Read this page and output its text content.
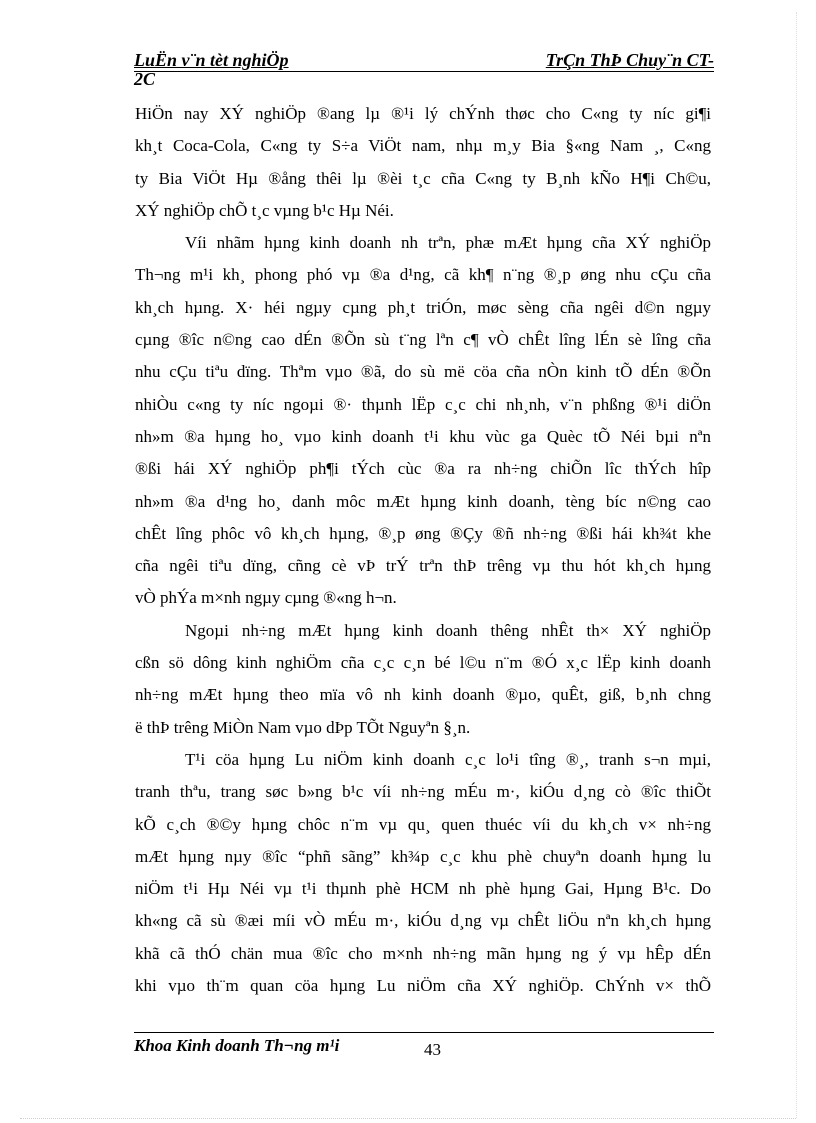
LuËn v¨n tèt nghiÖp	TrÇn ThÞ Chuy¨n CT-
2C
HiÖn nay XÝ nghiÖp ®ang lµ ®¹i lý chÝnh thøc cho C«ng ty níc gi¶i
kh¸t Coca-Cola, C«ng ty S÷a ViÖt nam, nhµ m¸y Bia §«ng Nam ¸, C«ng
ty Bia ViÖt Hµ ®ång thêi lµ ®èi t¸c cña C«ng ty B¸nh kÑo H¶i Ch©u,
XÝ nghiÖp chÕ t¸c vµng b¹c Hµ Néi.
Víi nhãm hµng kinh doanh nh trªn, phæ mÆt hµng cña XÝ nghiÖp
Th¬ng m¹i kh¸ phong phó vµ ®a d¹ng, cã kh¶ n¨ng ®¸p øng nhu cÇu cña
kh¸ch hµng. X· héi ngµy cµng ph¸t triÓn, møc sèng cña ngêi d©n ngµy
cµng ®îc n©ng cao dÉn ®Õn sù t¨ng lªn c¶ vÒ chÊt lîng lÉn sè lîng cña
nhu cÇu tiªu dïng. Thªm vµo ®ã, do sù më cöa cña nÒn kinh tÕ dÉn ®Õn
nhiÒu c«ng ty níc ngoµi ®· thµnh lËp c¸c chi nh¸nh, v¨n phßng ®¹i diÖn
nh»m ®a hµng ho¸ vµo kinh doanh t¹i khu vùc ga Quèc tÕ Néi bµi nªn
®ßi hái XÝ nghiÖp ph¶i tÝch cùc ®a ra nh÷ng chiÕn lîc thÝch hîp
nh»m ®a d¹ng ho¸ danh môc mÆt hµng kinh doanh, tèng bíc n©ng cao
chÊt lîng phôc vô kh¸ch hµng, ®¸p øng ®Çy ®ñ nh÷ng ®ßi hái kh¾t khe
cña ngêi tiªu dïng, cñng cè vÞ trÝ trªn thÞ trêng vµ thu hót kh¸ch hµng
vÒ phÝa m×nh ngµy cµng ®«ng h¬n.
Ngoµi nh÷ng mÆt hµng kinh doanh thêng nhÊt th× XÝ nghiÖp
cßn sö dông kinh nghiÖm cña c¸c c¸n bé l©u n¨m ®Ó x¸c lËp kinh doanh
nh÷ng mÆt hµng theo mïa vô nh kinh doanh ®µo, quÊt, giß, b¸nh chng
ë thÞ trêng MiÒn Nam vµo dÞp TÕt Nguyªn §¸n.
T¹i cöa hµng Lu niÖm kinh doanh c¸c lo¹i tîng ®¸, tranh s¬n mµi,
tranh thªu, trang søc b»ng b¹c víi nh÷ng mÉu m·, kiÓu d¸ng cò ®îc thiÕt
kÕ c¸ch ®©y hµng chôc n¨m vµ qu¸ quen thuéc víi du kh¸ch v× nh÷ng
mÆt hµng nµy ®îc “phñ sãng” kh¾p c¸c khu phè chuyªn doanh hµng lu
niÖm t¹i Hµ Néi vµ t¹i thµnh phè HCM nh phè hµng Gai, Hµng B¹c. Do
kh«ng cã sù ®æi míi vÒ mÉu m·, kiÓu d¸ng vµ chÊt liÖu nªn kh¸ch hµng
khã cã thÓ chän mua ®îc cho m×nh nh÷ng mãn hµng ng ý vµ hÊp dÉn
khi vµo th¨m quan cöa hµng Lu niÖm cña XÝ nghiÖp. ChÝnh v× thÕ
Khoa Kinh doanh Th¬ng m¹i	43
